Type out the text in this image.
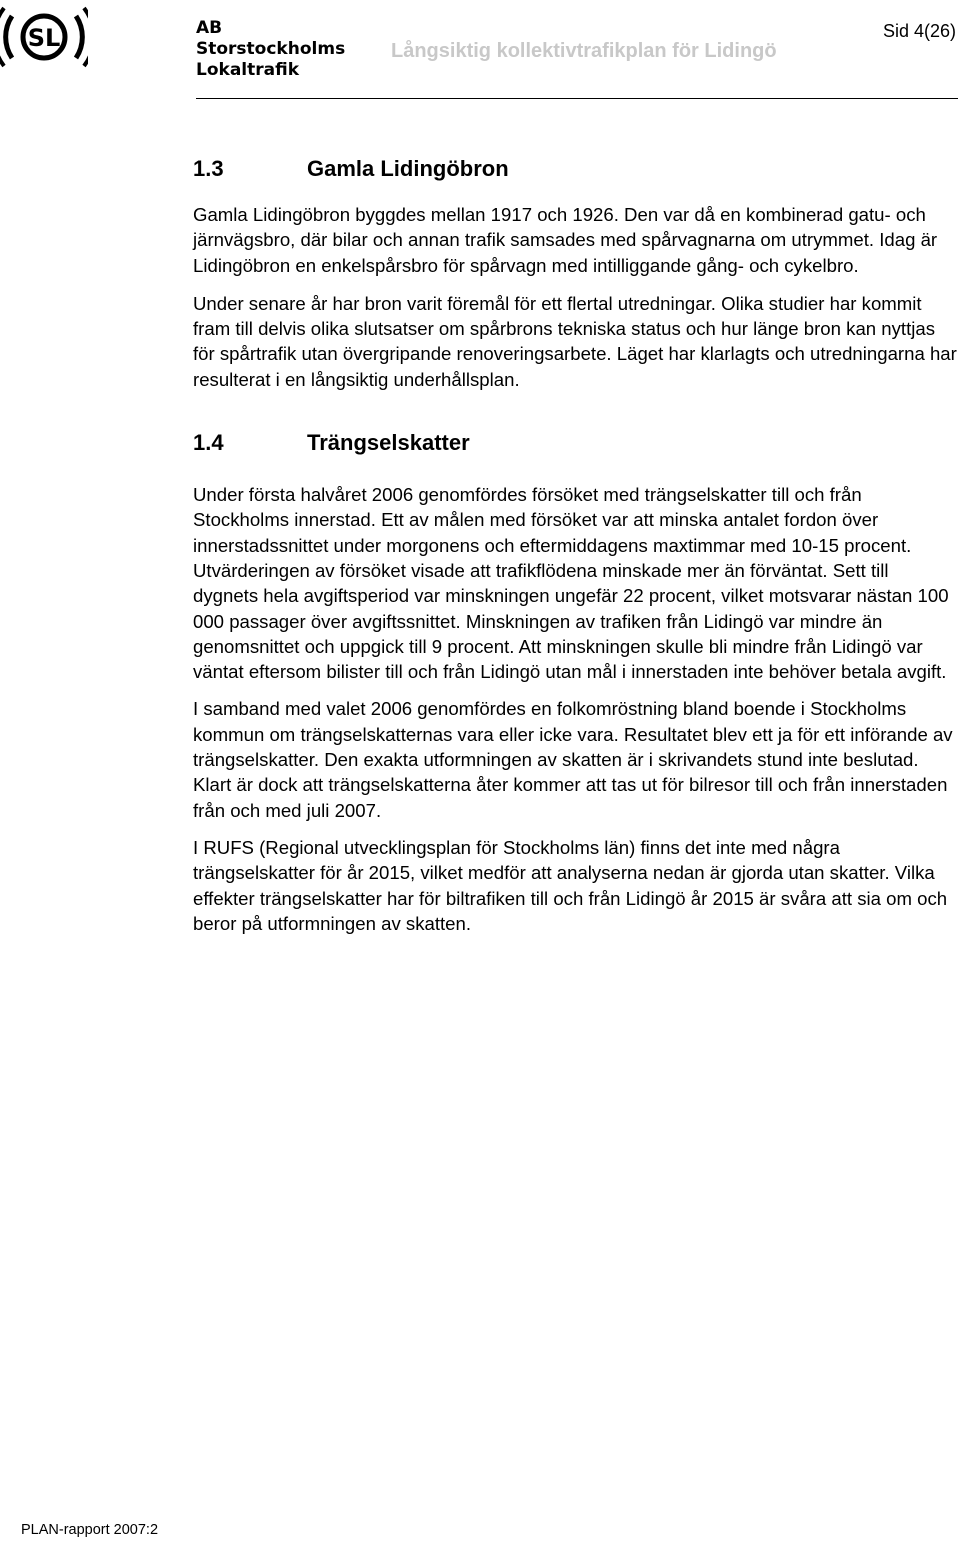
SL	AB
Storstockholms
Lokaltrafik
Långsiktig kollektivtrafikplan för Lidingö
Sid 4(26)
1.3	Gamla Lidingöbron

Gamla Lidingöbron byggdes mellan 1917 och 1926. Den var då en kombinerad gatu- och järnvägsbro, där bilar och annan trafik samsades med spårvagnarna om utrymmet. Idag är Lidingöbron en enkelspårsbro för spårvagn med intilliggande gång- och cykelbro.

Under senare år har bron varit föremål för ett flertal utredningar. Olika studier har kommit fram till delvis olika slutsatser om spårbrons tekniska status och hur länge bron kan nyttjas för spårtrafik utan övergripande renoveringsarbete. Läget har klarlagts och utredningarna har resulterat i en långsiktig underhållsplan.

1.4	Trängselskatter

Under första halvåret 2006 genomfördes försöket med trängselskatter till och från Stockholms innerstad. Ett av målen med försöket var att minska antalet fordon över innerstadssnittet under morgonens och eftermiddagens maxtimmar med 10-15 procent. Utvärderingen av försöket visade att trafikflödena minskade mer än förväntat. Sett till dygnets hela avgiftsperiod var minskningen ungefär 22 procent, vilket motsvarar nästan 100 000 passager över avgiftssnittet. Minskningen av trafiken från Lidingö var mindre än genomsnittet och uppgick till 9 procent. Att minskningen skulle bli mindre från Lidingö var väntat eftersom bilister till och från Lidingö utan mål i innerstaden inte behöver betala avgift.

I samband med valet 2006 genomfördes en folkomröstning bland boende i Stockholms kommun om trängselskatternas vara eller icke vara. Resultatet blev ett ja för ett införande av trängselskatter. Den exakta utformningen av skatten är i skrivandets stund inte beslutad. Klart är dock att trängselskatterna åter kommer att tas ut för bilresor till och från innerstaden från och med juli 2007.

I RUFS (Regional utvecklingsplan för Stockholms län) finns det inte med några trängselskatter för år 2015, vilket medför att analyserna nedan är gjorda utan skatter. Vilka effekter trängselskatter har för biltrafiken till och från Lidingö år 2015 är svåra att sia om och beror på utformningen av skatten.

PLAN-rapport 2007:2
